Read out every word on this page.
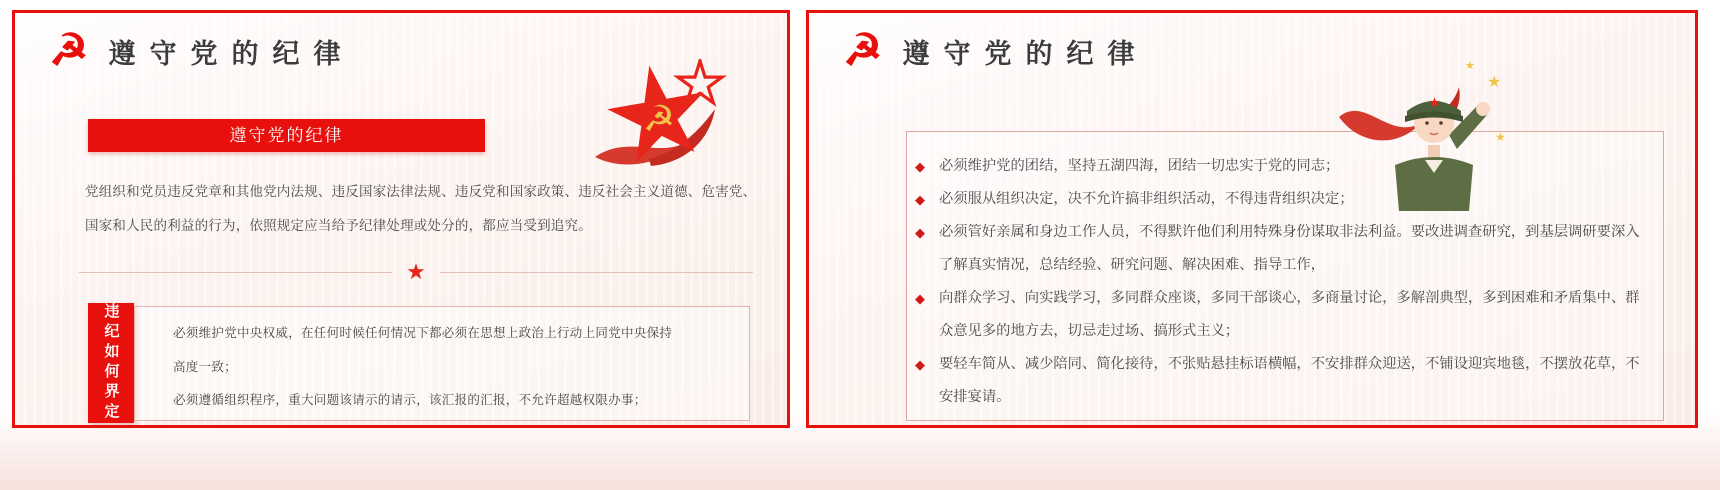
☭ 遵守党的纪律
☭
遵守党的纪律

党组织和党员违反党章和其他党内法规、违反国家法律法规、违反党和国家政策、违反社会主义道德、危害党、国家和人民的利益的行为，依照规定应当给予纪律处理或处分的，都应当受到追究。

★
违纪如何界定	必须维护党中央权威，在任何时候任何情况下都必须在思想上政治上行动上同党中央保持高度一致；

必须遵循组织程序，重大问题该请示的请示，该汇报的汇报，不允许超越权限办事；

☭ 遵守党的纪律
★
★
★
◆ 必须维护党的团结，坚持五湖四海，团结一切忠实于党的同志；
◆ 必须服从组织决定，决不允许搞非组织活动，不得违背组织决定；
◆ 必须管好亲属和身边工作人员，不得默许他们利用特殊身份谋取非法利益。要改进调查研究，到基层调研要深入了解真实情况，总结经验、研究问题、解决困难、指导工作，
◆ 向群众学习、向实践学习，多同群众座谈，多同干部谈心，多商量讨论，多解剖典型，多到困难和矛盾集中、群众意见多的地方去，切忌走过场、搞形式主义；
◆ 要轻车简从、减少陪同、简化接待，不张贴悬挂标语横幅，不安排群众迎送，不铺设迎宾地毯，不摆放花草，不安排宴请。
